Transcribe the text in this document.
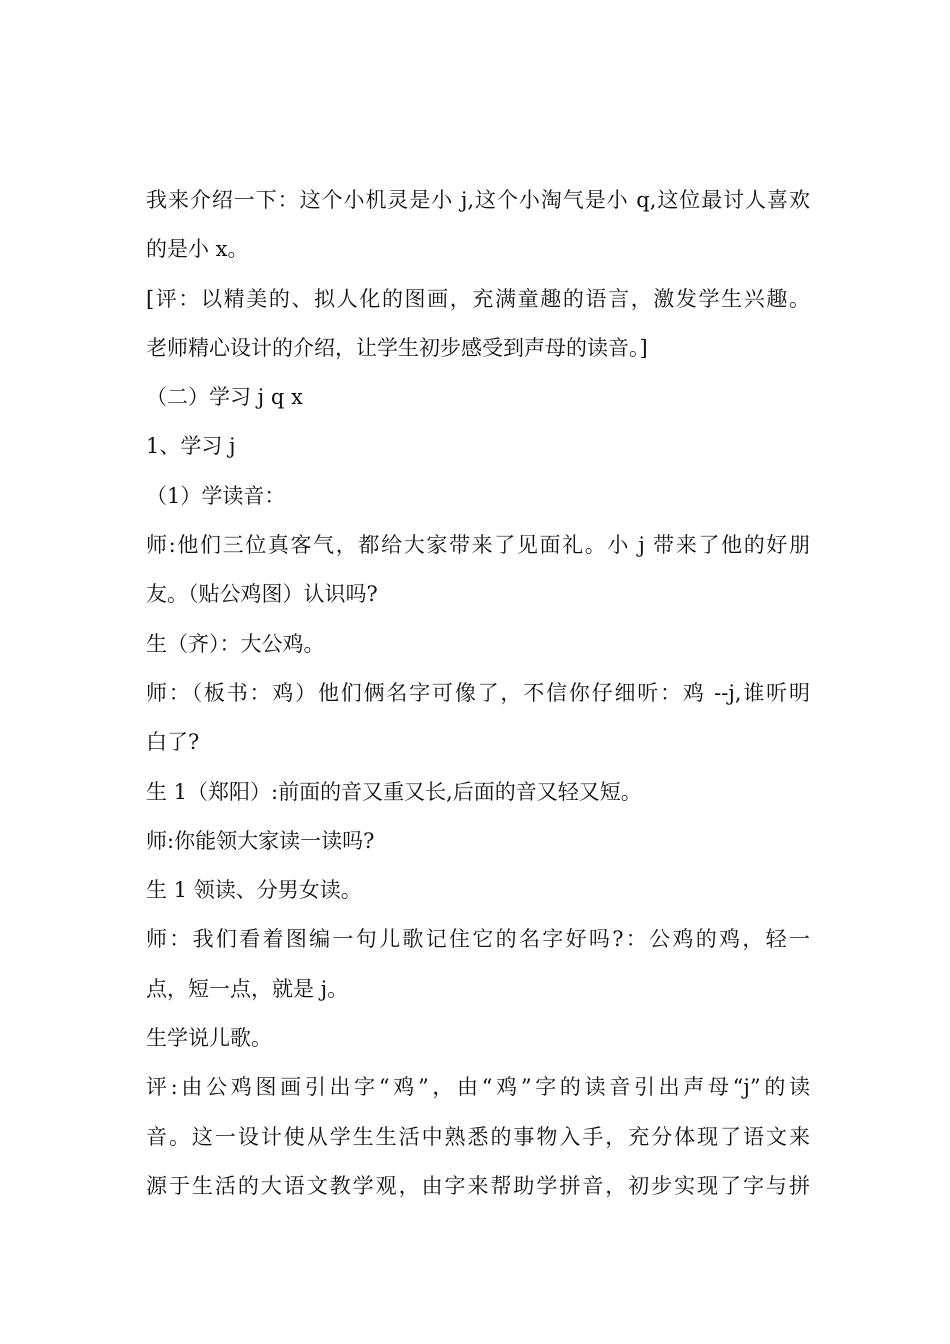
我来介绍一下：这个小机灵是小 j,这个小淘气是小 q,这位最讨人喜欢
的是小 x。
[评：以精美的、拟人化的图画，充满童趣的语言，激发学生兴趣。
老师精心设计的介绍，让学生初步感受到声母的读音。]
（二）学习 j q x
1、学习 j
（1）学读音：
师:他们三位真客气，都给大家带来了见面礼。小 j 带来了他的好朋
友。（贴公鸡图）认识吗?
生（齐）：大公鸡。
师：（板书：鸡）他们俩名字可像了，不信你仔细听：鸡 --j,谁听明
白了?
生 1（郑阳）:前面的音又重又长,后面的音又轻又短。
师:你能领大家读一读吗?
生 1 领读、分男女读。
师：我们看着图编一句儿歌记住它的名字好吗?：公鸡的鸡，轻一
点，短一点，就是 j。
生学说儿歌。
评:由公鸡图画引出字“鸡”，由“鸡”字的读音引出声母“j”的读
音。这一设计使从学生生活中熟悉的事物入手，充分体现了语文来
源于生活的大语文教学观，由字来帮助学拼音，初步实现了字与拼
